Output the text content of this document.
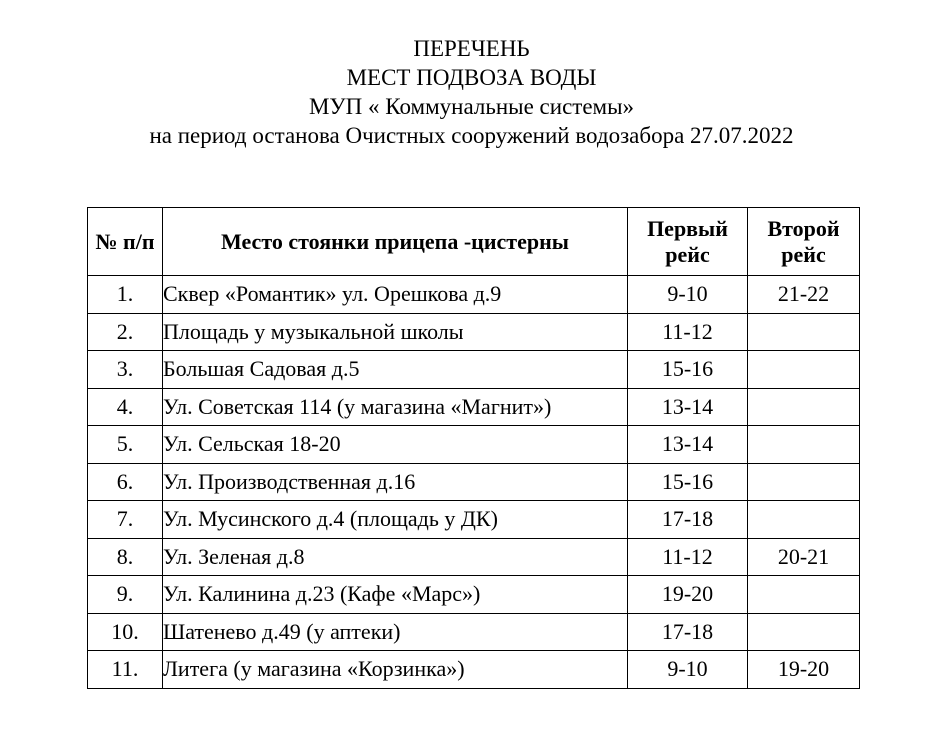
ПЕРЕЧЕНЬ
МЕСТ ПОДВОЗА ВОДЫ
МУП « Коммунальные системы»
на период останова Очистных сооружений водозабора 27.07.2022
№ п/п	Место стоянки прицепа -цистерны	Первый рейс	Второй рейс
1.	Сквер «Романтик» ул. Орешкова д.9	9-10	21-22
2.	Площадь у музыкальной школы	11-12	
3.	Большая Садовая д.5	15-16	
4.	Ул. Советская 114 (у магазина «Магнит»)	13-14	
5.	Ул. Сельская 18-20	13-14	
6.	Ул. Производственная д.16	15-16	
7.	Ул. Мусинского д.4 (площадь у ДК)	17-18	
8.	Ул. Зеленая д.8	11-12	20-21
9.	Ул. Калинина д.23 (Кафе «Марс»)	19-20	
10.	Шатенево д.49 (у аптеки)	17-18	
11.	Литега (у магазина «Корзинка»)	9-10	19-20
